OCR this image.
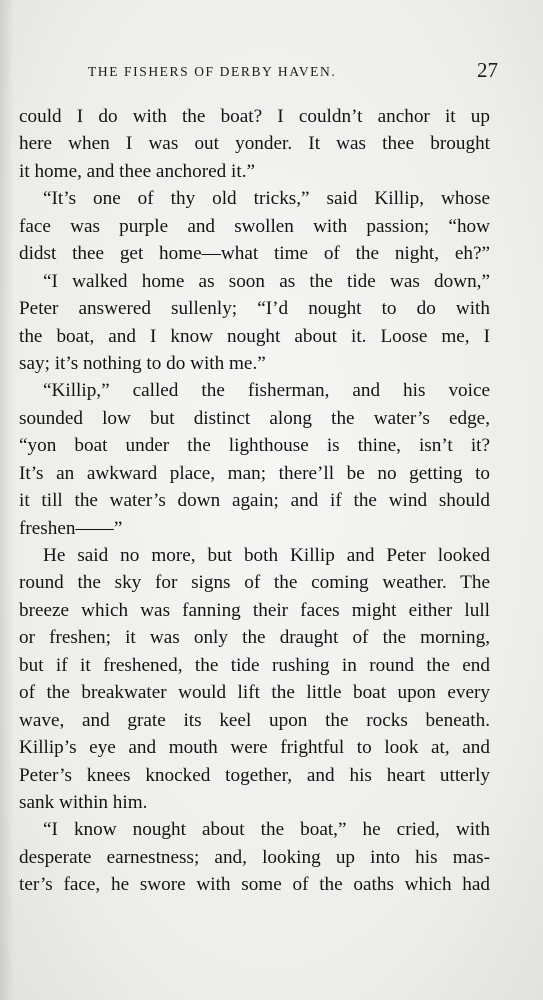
THE FISHERS OF DERBY HAVEN.	27
could I do with the boat? I couldn’t anchor it up
here when I was out yonder. It was thee brought
it home, and thee anchored it.”
“It’s one of thy old tricks,” said Killip, whose
face was purple and swollen with passion; “how
didst thee get home—what time of the night, eh?”
“I walked home as soon as the tide was down,”
Peter answered sullenly; “I’d nought to do with
the boat, and I know nought about it. Loose me, I
say; it’s nothing to do with me.”
“Killip,” called the fisherman, and his voice
sounded low but distinct along the water’s edge,
“yon boat under the lighthouse is thine, isn’t it?
It’s an awkward place, man; there’ll be no getting to
it till the water’s down again; and if the wind should
freshen——”
He said no more, but both Killip and Peter looked
round the sky for signs of the coming weather. The
breeze which was fanning their faces might either lull
or freshen; it was only the draught of the morning,
but if it freshened, the tide rushing in round the end
of the breakwater would lift the little boat upon every
wave, and grate its keel upon the rocks beneath.
Killip’s eye and mouth were frightful to look at, and
Peter’s knees knocked together, and his heart utterly
sank within him.
“I know nought about the boat,” he cried, with
desperate earnestness; and, looking up into his mas-
ter’s face, he swore with some of the oaths which had
